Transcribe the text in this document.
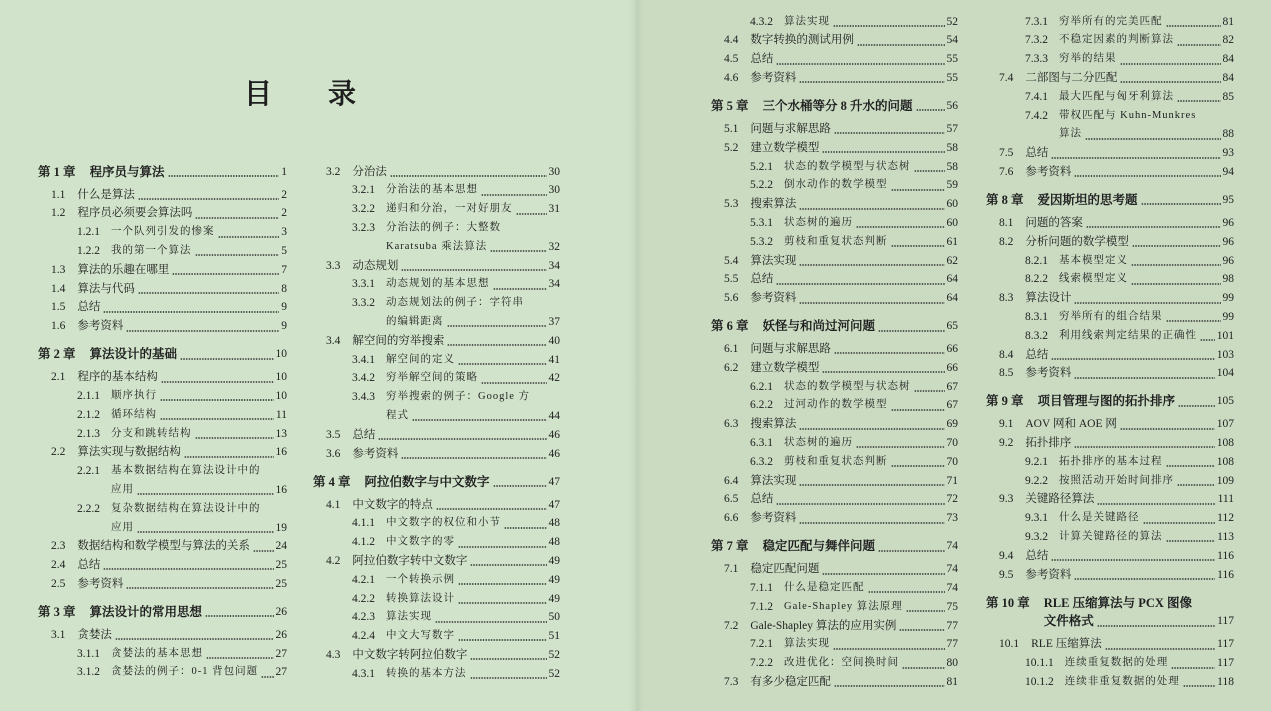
目　　录
第 1 章 程序员与算法	1
1.1 什么是算法	2
1.2 程序员必须要会算法吗	2
1.2.1 一个队列引发的惨案	3
1.2.2 我的第一个算法	5
1.3 算法的乐趣在哪里	7
1.4 算法与代码	8
1.5 总结	9
1.6 参考资料	9
第 2 章 算法设计的基础	10
2.1 程序的基本结构	10
2.1.1 顺序执行	10
2.1.2 循环结构	11
2.1.3 分支和跳转结构	13
2.2 算法实现与数据结构	16
2.2.1 基本数据结构在算法设计中的
应用	16
2.2.2 复杂数据结构在算法设计中的
应用	19
2.3 数据结构和数学模型与算法的关系 24
2.4 总结	25
2.5 参考资料	25
第 3 章 算法设计的常用思想	26
3.1 贪婪法	26
3.1.1 贪婪法的基本思想	27
3.1.2 贪婪法的例子：0-1 背包问题 27
3.2 分治法	30
3.2.1 分治法的基本思想	30
3.2.2 递归和分治，一对好朋友	31
3.2.3 分治法的例子：大整数
Karatsuba 乘法算法	32
3.3 动态规划	34
3.3.1 动态规划的基本思想	34
3.3.2 动态规划法的例子：字符串
的编辑距离	37
3.4 解空间的穷举搜索	40
3.4.1 解空间的定义	41
3.4.2 穷举解空间的策略	42
3.4.3 穷举搜索的例子：Google 方
程式	44
3.5 总结	46
3.6 参考资料	46
第 4 章 阿拉伯数字与中文数字	47
4.1 中文数字的特点	47
4.1.1 中文数字的权位和小节	48
4.1.2 中文数字的零	48
4.2 阿拉伯数字转中文数字	49
4.2.1 一个转换示例	49
4.2.2 转换算法设计	49
4.2.3 算法实现	50
4.2.4 中文大写数字	51
4.3 中文数字转阿拉伯数字	52
4.3.1 转换的基本方法	52
4.3.2 算法实现	52
4.4 数字转换的测试用例	54
4.5 总结	55
4.6 参考资料	55
第 5 章 三个水桶等分 8 升水的问题	56
5.1 问题与求解思路	57
5.2 建立数学模型	58
5.2.1 状态的数学模型与状态树	58
5.2.2 倒水动作的数学模型	59
5.3 搜索算法	60
5.3.1 状态树的遍历	60
5.3.2 剪枝和重复状态判断	61
5.4 算法实现	62
5.5 总结	64
5.6 参考资料	64
第 6 章 妖怪与和尚过河问题	65
6.1 问题与求解思路	66
6.2 建立数学模型	66
6.2.1 状态的数学模型与状态树	67
6.2.2 过河动作的数学模型	67
6.3 搜索算法	69
6.3.1 状态树的遍历	70
6.3.2 剪枝和重复状态判断	70
6.4 算法实现	71
6.5 总结	72
6.6 参考资料	73
第 7 章 稳定匹配与舞伴问题	74
7.1 稳定匹配问题	74
7.1.1 什么是稳定匹配	74
7.1.2 Gale-Shapley 算法原理	75
7.2 Gale-Shapley 算法的应用实例	77
7.2.1 算法实现	77
7.2.2 改进优化：空间换时间	80
7.3 有多少稳定匹配	81
7.3.1 穷举所有的完美匹配	81
7.3.2 不稳定因素的判断算法	82
7.3.3 穷举的结果	84
7.4 二部图与二分匹配	84
7.4.1 最大匹配与匈牙利算法	85
7.4.2 带权匹配与 Kuhn-Munkres
算法	88
7.5 总结	93
7.6 参考资料	94
第 8 章 爱因斯坦的思考题	95
8.1 问题的答案	96
8.2 分析问题的数学模型	96
8.2.1 基本模型定义	96
8.2.2 线索模型定义	98
8.3 算法设计	99
8.3.1 穷举所有的组合结果	99
8.3.2 利用线索判定结果的正确性 101
8.4 总结	103
8.5 参考资料	104
第 9 章 项目管理与图的拓扑排序	105
9.1 AOV 网和 AOE 网	107
9.2 拓扑排序	108
9.2.1 拓扑排序的基本过程	108
9.2.2 按照活动开始时间排序	109
9.3 关键路径算法	111
9.3.1 什么是关键路径	112
9.3.2 计算关键路径的算法	113
9.4 总结	116
9.5 参考资料	116
第 10 章 RLE 压缩算法与 PCX 图像
文件格式	117
10.1 RLE 压缩算法	117
10.1.1 连续重复数据的处理	117
10.1.2 连续非重复数据的处理	118
